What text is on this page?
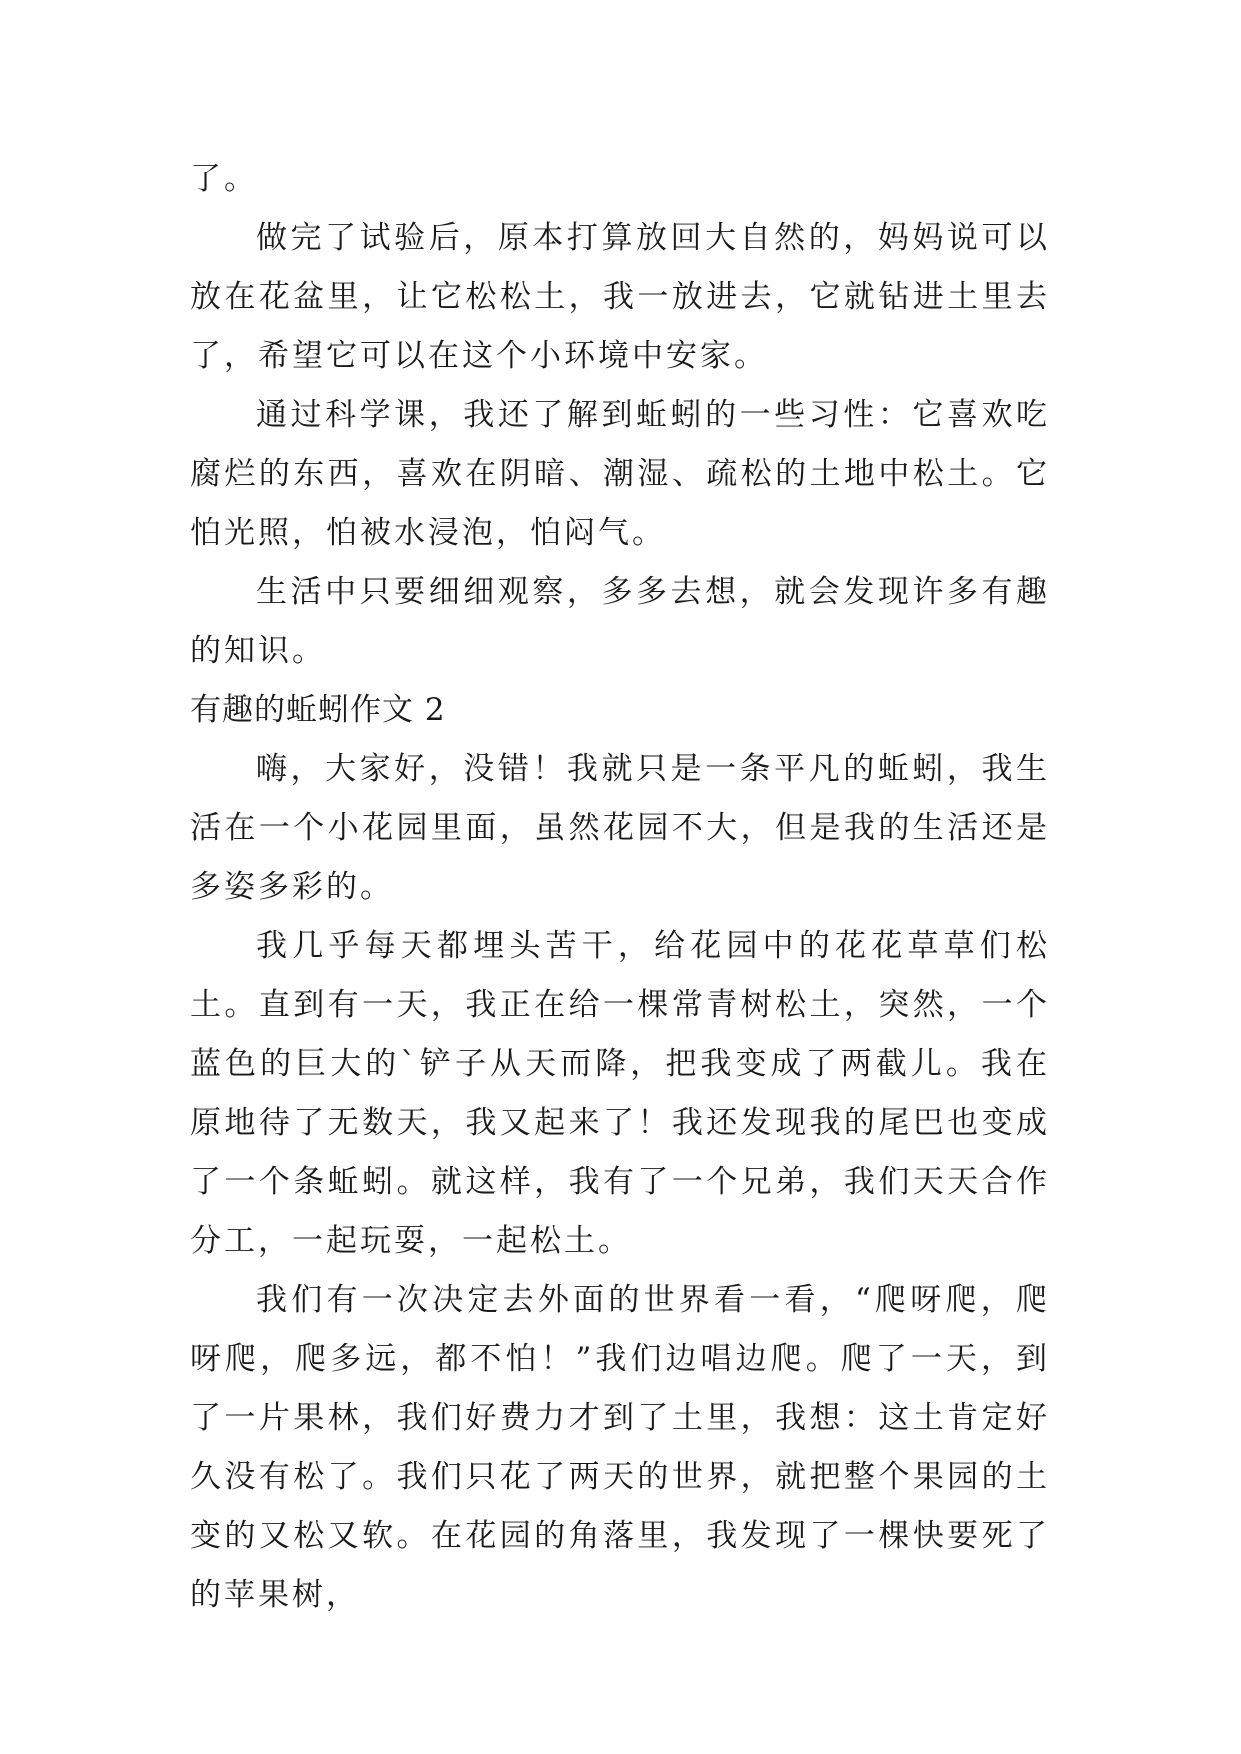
了。

做完了试验后，原本打算放回大自然的，妈妈说可以放在花盆里，让它松松土，我一放进去，它就钻进土里去了，希望它可以在这个小环境中安家。

通过科学课，我还了解到蚯蚓的一些习性：它喜欢吃腐烂的东西，喜欢在阴暗、潮湿、疏松的土地中松土。它怕光照，怕被水浸泡，怕闷气。

生活中只要细细观察，多多去想，就会发现许多有趣的知识。

有趣的蚯蚓作文 2

嗨，大家好，没错！我就只是一条平凡的蚯蚓，我生活在一个小花园里面，虽然花园不大，但是我的生活还是多姿多彩的。

我几乎每天都埋头苦干，给花园中的花花草草们松土。直到有一天，我正在给一棵常青树松土，突然，一个蓝色的巨大的`铲子从天而降，把我变成了两截儿。我在原地待了无数天，我又起来了！我还发现我的尾巴也变成了一个条蚯蚓。就这样，我有了一个兄弟，我们天天合作分工，一起玩耍，一起松土。

我们有一次决定去外面的世界看一看，“爬呀爬，爬呀爬，爬多远，都不怕！”我们边唱边爬。爬了一天，到了一片果林，我们好费力才到了土里，我想：这土肯定好久没有松了。我们只花了两天的世界，就把整个果园的土变的又松又软。在花园的角落里，我发现了一棵快要死了的苹果树，
